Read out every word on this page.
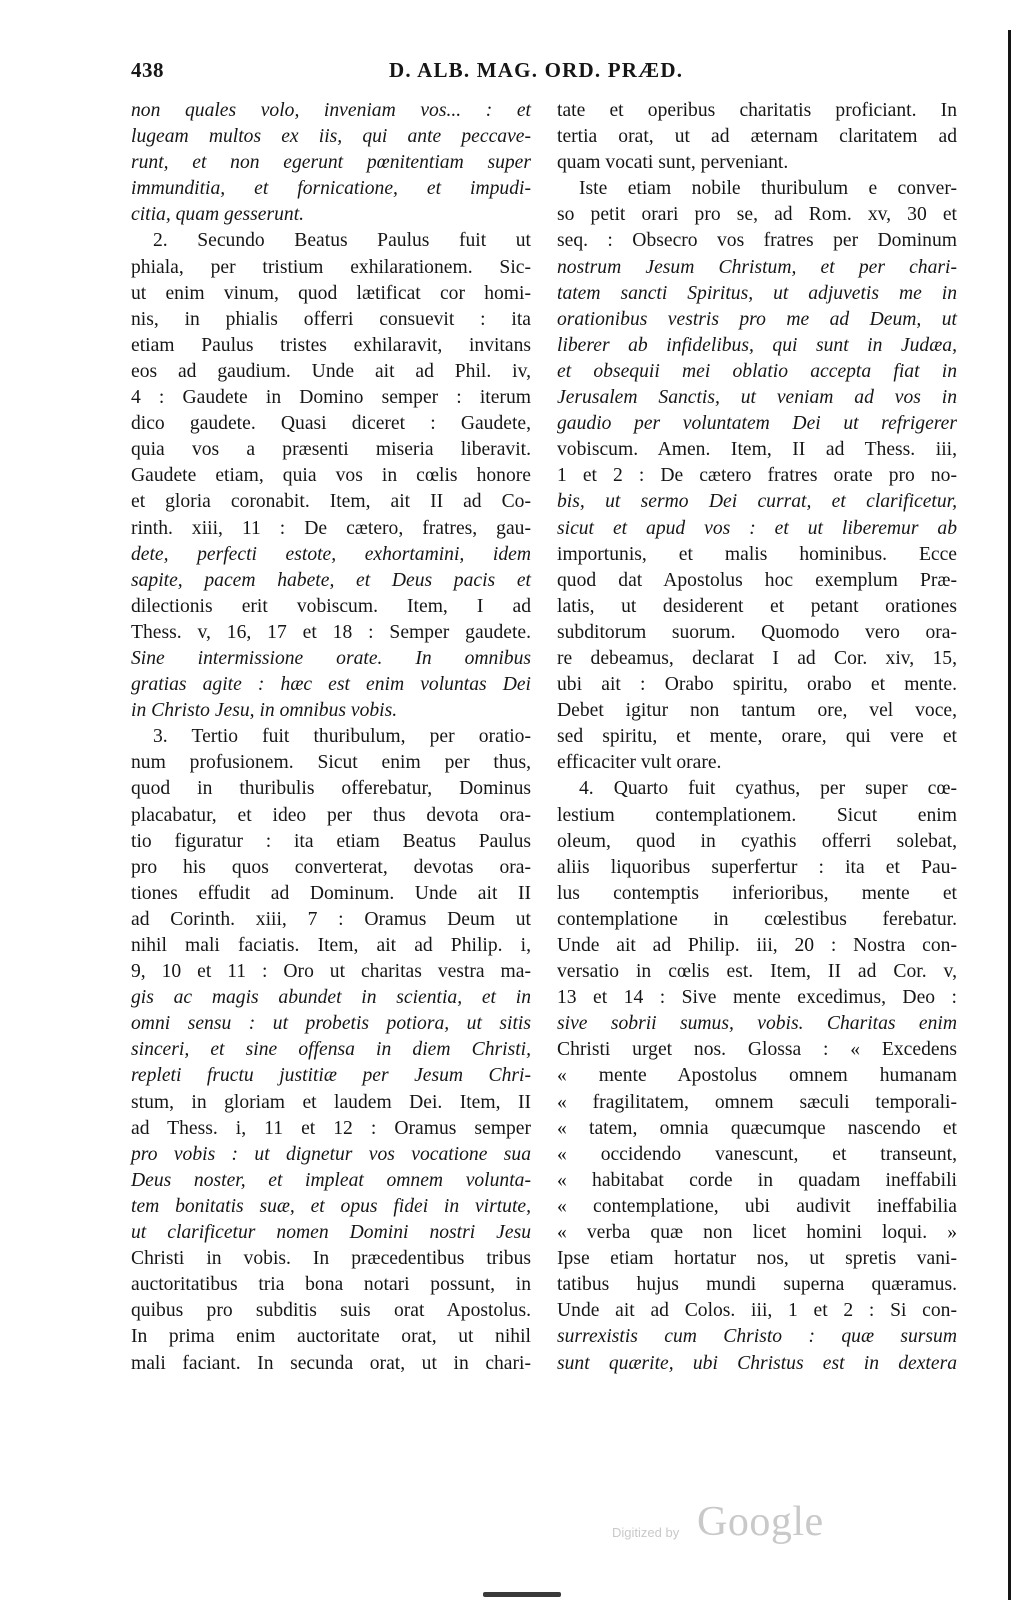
438	D. ALB. MAG. ORD. PRÆD.
non quales volo, inveniam vos... : et
lugeam multos ex iis, qui ante peccave-
runt, et non egerunt pœnitentiam super
immunditia, et fornicatione, et impudi-
citia, quam gesserunt.
2. Secundo Beatus Paulus fuit ut
phiala, per tristium exhilarationem. Sic-
ut enim vinum, quod lætificat cor homi-
nis, in phialis offerri consuevit : ita
etiam Paulus tristes exhilaravit, invitans
eos ad gaudium. Unde ait ad Phil. iv,
4 : Gaudete in Domino semper : iterum
dico gaudete. Quasi diceret : Gaudete,
quia vos a præsenti miseria liberavit.
Gaudete etiam, quia vos in cœlis honore
et gloria coronabit. Item, ait II ad Co-
rinth. xiii, 11 : De cætero, fratres, gau-
dete, perfecti estote, exhortamini, idem
sapite, pacem habete, et Deus pacis et
dilectionis erit vobiscum. Item, I ad
Thess. v, 16, 17 et 18 : Semper gaudete.
Sine intermissione orate. In omnibus
gratias agite : hæc est enim voluntas Dei
in Christo Jesu, in omnibus vobis.
3. Tertio fuit thuribulum, per oratio-
num profusionem. Sicut enim per thus,
quod in thuribulis offerebatur, Dominus
placabatur, et ideo per thus devota ora-
tio figuratur : ita etiam Beatus Paulus
pro his quos converterat, devotas ora-
tiones effudit ad Dominum. Unde ait II
ad Corinth. xiii, 7 : Oramus Deum ut
nihil mali faciatis. Item, ait ad Philip. i,
9, 10 et 11 : Oro ut charitas vestra ma-
gis ac magis abundet in scientia, et in
omni sensu : ut probetis potiora, ut sitis
sinceri, et sine offensa in diem Christi,
repleti fructu justitiæ per Jesum Chri-
stum, in gloriam et laudem Dei. Item, II
ad Thess. i, 11 et 12 : Oramus semper
pro vobis : ut dignetur vos vocatione sua
Deus noster, et impleat omnem volunta-
tem bonitatis suæ, et opus fidei in virtute,
ut clarificetur nomen Domini nostri Jesu
Christi in vobis. In præcedentibus tribus
auctoritatibus tria bona notari possunt, in
quibus pro subditis suis orat Apostolus.
In prima enim auctoritate orat, ut nihil
mali faciant. In secunda orat, ut in chari-
tate et operibus charitatis proficiant. In
tertia orat, ut ad æternam claritatem ad
quam vocati sunt, perveniant.
Iste etiam nobile thuribulum e conver-
so petit orari pro se, ad Rom. xv, 30 et
seq. : Obsecro vos fratres per Dominum
nostrum Jesum Christum, et per chari-
tatem sancti Spiritus, ut adjuvetis me in
orationibus vestris pro me ad Deum, ut
liberer ab infidelibus, qui sunt in Judæa,
et obsequii mei oblatio accepta fiat in
Jerusalem Sanctis, ut veniam ad vos in
gaudio per voluntatem Dei ut refrigerer
vobiscum. Amen. Item, II ad Thess. iii,
1 et 2 : De cætero fratres orate pro no-
bis, ut sermo Dei currat, et clarificetur,
sicut et apud vos : et ut liberemur ab
importunis, et malis hominibus. Ecce
quod dat Apostolus hoc exemplum Præ-
latis, ut desiderent et petant orationes
subditorum suorum. Quomodo vero ora-
re debeamus, declarat I ad Cor. xiv, 15,
ubi ait : Orabo spiritu, orabo et mente.
Debet igitur non tantum ore, vel voce,
sed spiritu, et mente, orare, qui vere et
efficaciter vult orare.
4. Quarto fuit cyathus, per super cœ-
lestium contemplationem. Sicut enim
oleum, quod in cyathis offerri solebat,
aliis liquoribus superfertur : ita et Pau-
lus contemptis inferioribus, mente et
contemplatione in cœlestibus ferebatur.
Unde ait ad Philip. iii, 20 : Nostra con-
versatio in cœlis est. Item, II ad Cor. v,
13 et 14 : Sive mente excedimus, Deo :
sive sobrii sumus, vobis. Charitas enim
Christi urget nos. Glossa : « Excedens
« mente Apostolus omnem humanam
« fragilitatem, omnem sæculi temporali-
« tatem, omnia quæcumque nascendo et
« occidendo vanescunt, et transeunt,
« habitabat corde in quadam ineffabili
« contemplatione, ubi audivit ineffabilia
« verba quæ non licet homini loqui. »
Ipse etiam hortatur nos, ut spretis vani-
tatibus hujus mundi superna quæramus.
Unde ait ad Colos. iii, 1 et 2 : Si con-
surrexistis cum Christo : quæ sursum
sunt quærite, ubi Christus est in dextera
Digitized by Google
